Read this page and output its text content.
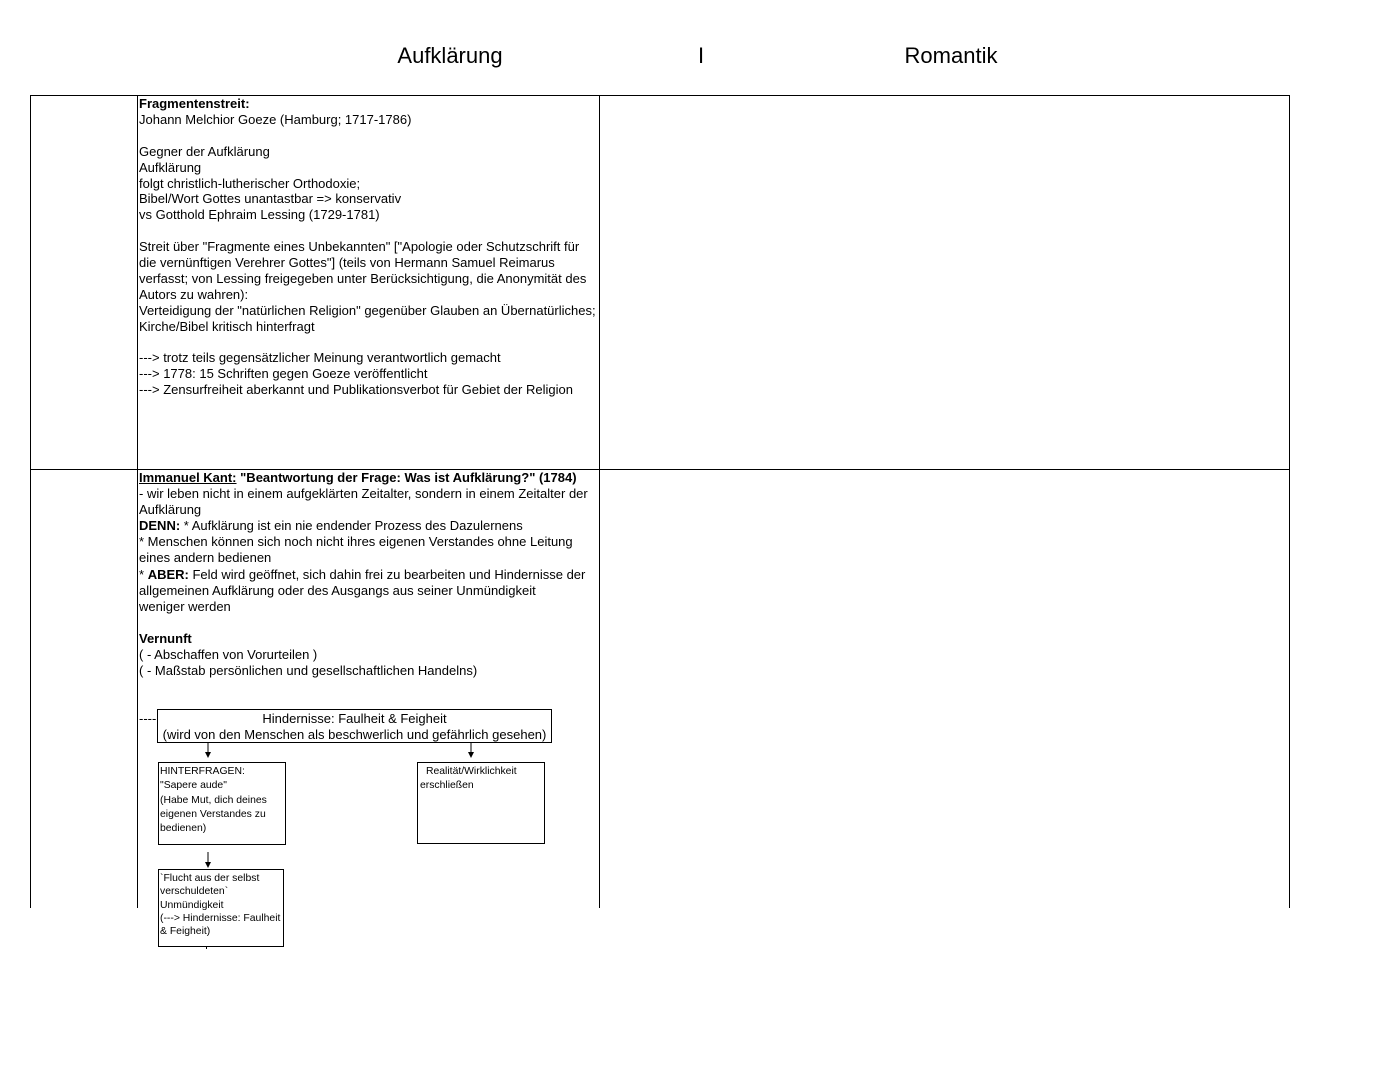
Aufklärung	I	Romantik
Fragmentenstreit:
Johann Melchior Goeze (Hamburg; 1717-1786)
Gegner der Aufklärung
Aufklärung
folgt christlich-lutherischer Orthodoxie;
Bibel/Wort Gottes unantastbar => konservativ
vs Gotthold Ephraim Lessing (1729-1781)
Streit über "Fragmente eines Unbekannten" ["Apologie oder Schutzschrift für
die vernünftigen Verehrer Gottes"] (teils von Hermann Samuel Reimarus
verfasst; von Lessing freigegeben unter Berücksichtigung, die Anonymität des
Autors zu wahren):
Verteidigung der "natürlichen Religion" gegenüber Glauben an Übernatürliches;
Kirche/Bibel kritisch hinterfragt
---> trotz teils gegensätzlicher Meinung verantwortlich gemacht
---> 1778: 15 Schriften gegen Goeze veröffentlicht
---> Zensurfreiheit aberkannt und Publikationsverbot für Gebiet der Religion
Immanuel Kant: "Beantwortung der Frage: Was ist Aufklärung?" (1784)
- wir leben nicht in einem aufgeklärten Zeitalter, sondern in einem Zeitalter der
Aufklärung
DENN: * Aufklärung ist ein nie endender Prozess des Dazulernens
* Menschen können sich noch nicht ihres eigenen Verstandes ohne Leitung
eines andern bedienen
* ABER: Feld wird geöffnet, sich dahin frei zu bearbeiten und Hindernisse der
allgemeinen Aufklärung oder des Ausgangs aus seiner Unmündigkeit
weniger werden
Vernunft
( - Abschaffen von Vorurteilen )
( - Maßstab persönlichen und gesellschaftlichen Handelns)
----	Hindernisse: Faulheit & Feigheit
(wird von den Menschen als beschwerlich und gefährlich gesehen)
HINTERFRAGEN:
"Sapere aude"
(Habe Mut, dich deines
eigenen Verstandes zu
bedienen)
Realität/Wirklichkeit
erschließen
`Flucht aus der selbst
verschuldeten`
Unmündigkeit
(---> Hindernisse: Faulheit
& Feigheit)
